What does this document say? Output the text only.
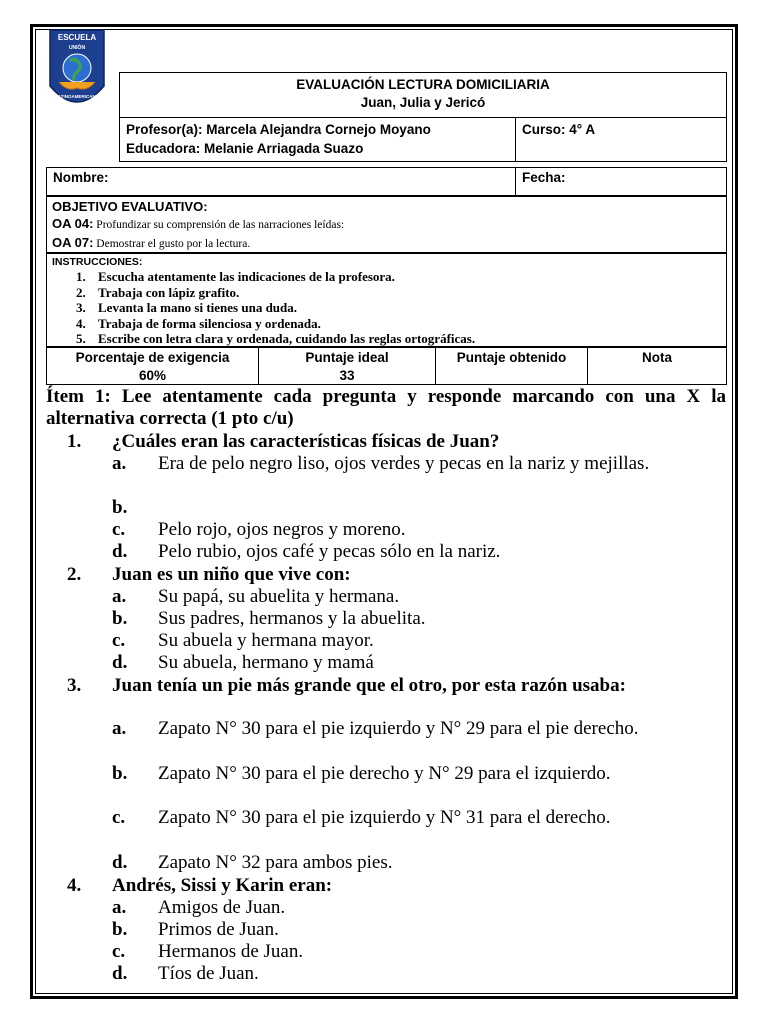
ESCUELA
UNIÓN
LATINOAMERICANA
EVALUACIÓN LECTURA DOMICILIARIA
Juan, Julia y Jericó
Profesor(a): Marcela Alejandra Cornejo Moyano
Educadora: Melanie Arriagada Suazo
Curso: 4° A
Nombre:	Fecha:
OBJETIVO EVALUATIVO:
OA 04: Profundizar su comprensión de las narraciones leídas:
OA 07: Demostrar el gusto por la lectura.
INSTRUCCIONES:
1. Escucha atentamente las indicaciones de la profesora.
2. Trabaja con lápiz grafito.
3. Levanta la mano si tienes una duda.
4. Trabaja de forma silenciosa y ordenada.
5. Escribe con letra clara y ordenada, cuidando las reglas ortográficas.
Porcentaje de exigencia
60%
Puntaje ideal
33
Puntaje obtenido	Nota
Ítem 1: Lee atentamente cada pregunta y responde marcando con una X la alternativa correcta (1 pto c/u)
1. ¿Cuáles eran las características físicas de Juan?
a. Era de pelo negro liso, ojos verdes y pecas en la nariz y mejillas.
b.
c. Pelo rojo, ojos negros y moreno.
d. Pelo rubio, ojos café y pecas sólo en la nariz.
2. Juan es un niño que vive con:
a. Su papá, su abuelita y hermana.
b. Sus padres, hermanos y la abuelita.
c. Su abuela y hermana mayor.
d. Su abuela, hermano y mamá
3. Juan tenía un pie más grande que el otro, por esta razón usaba:
a. Zapato N° 30 para el pie izquierdo y N° 29 para el pie derecho.
b. Zapato N° 30 para el pie derecho y N° 29 para el izquierdo.
c. Zapato N° 30 para el pie izquierdo y N° 31 para el derecho.
d. Zapato N° 32 para ambos pies.
4. Andrés, Sissi y Karin eran:
a. Amigos de Juan.
b. Primos de Juan.
c. Hermanos de Juan.
d. Tíos de Juan.
